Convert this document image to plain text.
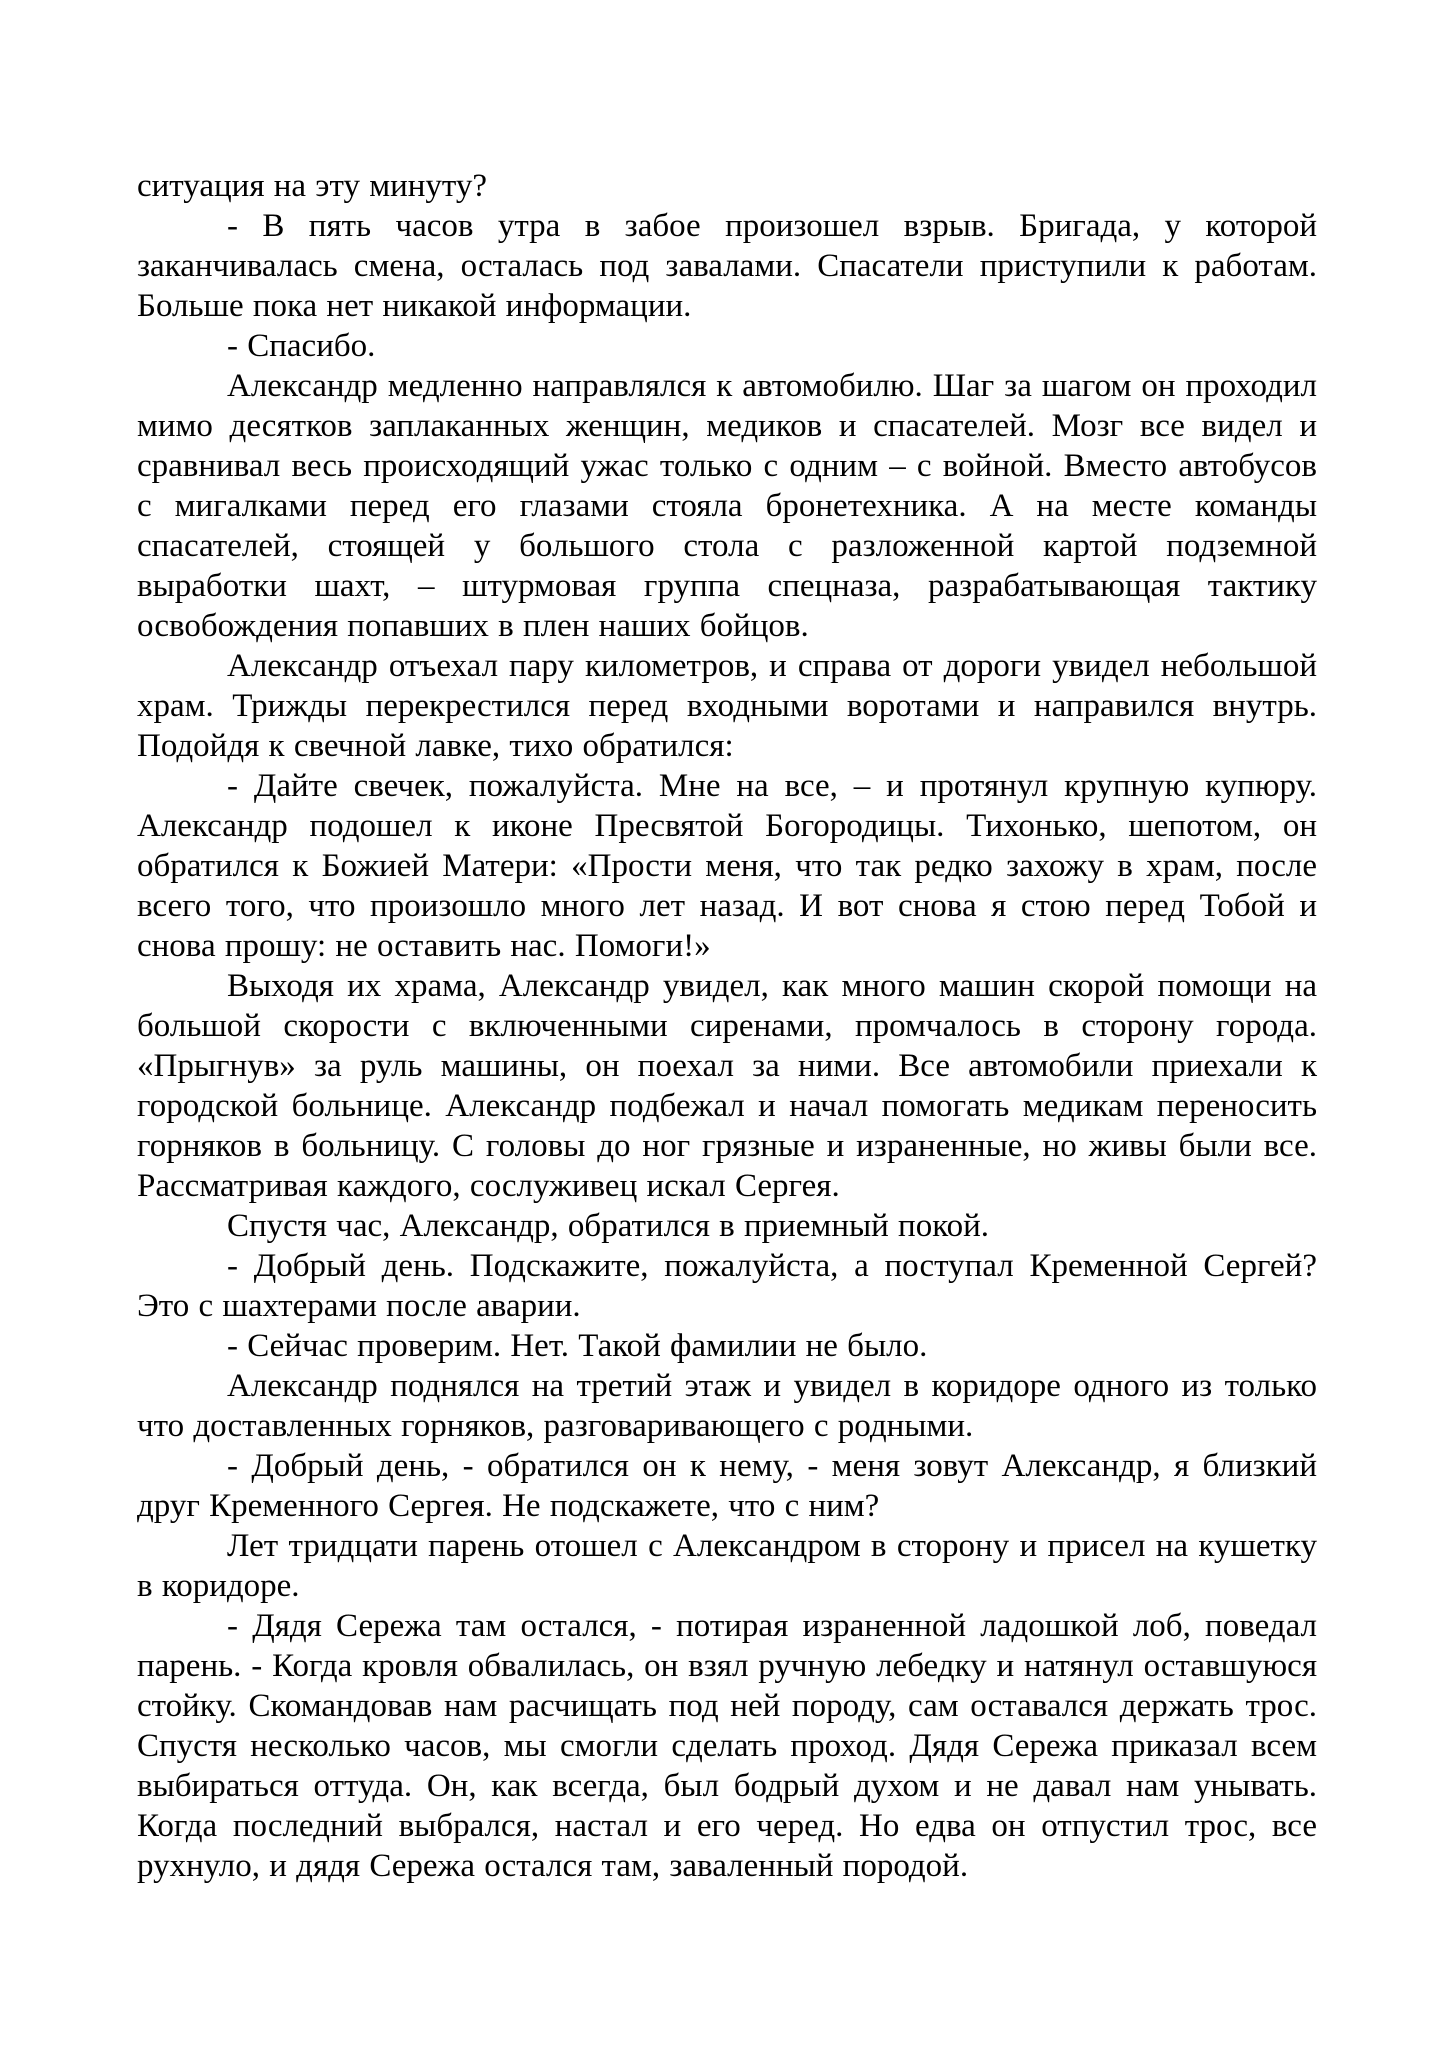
ситуация на эту минуту?

- В пять часов утра в забое произошел взрыв. Бригада, у которой заканчивалась смена, осталась под завалами. Спасатели приступили к работам. Больше пока нет никакой информации.

- Спасибо.

Александр медленно направлялся к автомобилю. Шаг за шагом он проходил мимо десятков заплаканных женщин, медиков и спасателей. Мозг все видел и сравнивал весь происходящий ужас только с одним – с войной. Вместо автобусов с мигалками перед его глазами стояла бронетехника. А на месте команды спасателей, стоящей у большого стола с разложенной картой подземной выработки шахт, – штурмовая группа спецназа, разрабатывающая тактику освобождения попавших в плен наших бойцов.

Александр отъехал пару километров, и справа от дороги увидел небольшой храм. Трижды перекрестился перед входными воротами и направился внутрь. Подойдя к свечной лавке, тихо обратился:

- Дайте свечек, пожалуйста. Мне на все, – и протянул крупную купюру. Александр подошел к иконе Пресвятой Богородицы. Тихонько, шепотом, он обратился к Божией Матери: «Прости меня, что так редко захожу в храм, после всего того, что произошло много лет назад. И вот снова я стою перед Тобой и снова прошу: не оставить нас. Помоги!»

Выходя их храма, Александр увидел, как много машин скорой помощи на большой скорости с включенными сиренами, промчалось в сторону города. «Прыгнув» за руль машины, он поехал за ними. Все автомобили приехали к городской больнице. Александр подбежал и начал помогать медикам переносить горняков в больницу. С головы до ног грязные и израненные, но живы были все. Рассматривая каждого, сослуживец искал Сергея.

Спустя час, Александр, обратился в приемный покой.

- Добрый день. Подскажите, пожалуйста, а поступал Кременной Сергей? Это с шахтерами после аварии.

- Сейчас проверим. Нет. Такой фамилии не было.

Александр поднялся на третий этаж и увидел в коридоре одного из только что доставленных горняков, разговаривающего с родными.

- Добрый день, - обратился он к нему, - меня зовут Александр, я близкий друг Кременного Сергея. Не подскажете, что с ним?

Лет тридцати парень отошел с Александром в сторону и присел на кушетку в коридоре.

- Дядя Сережа там остался, - потирая израненной ладошкой лоб, поведал парень. - Когда кровля обвалилась, он взял ручную лебедку и натянул оставшуюся стойку. Скомандовав нам расчищать под ней породу, сам оставался держать трос. Спустя несколько часов, мы смогли сделать проход. Дядя Сережа приказал всем выбираться оттуда. Он, как всегда, был бодрый духом и не давал нам унывать. Когда последний выбрался, настал и его черед. Но едва он отпустил трос, все рухнуло, и дядя Сережа остался там, заваленный породой.
